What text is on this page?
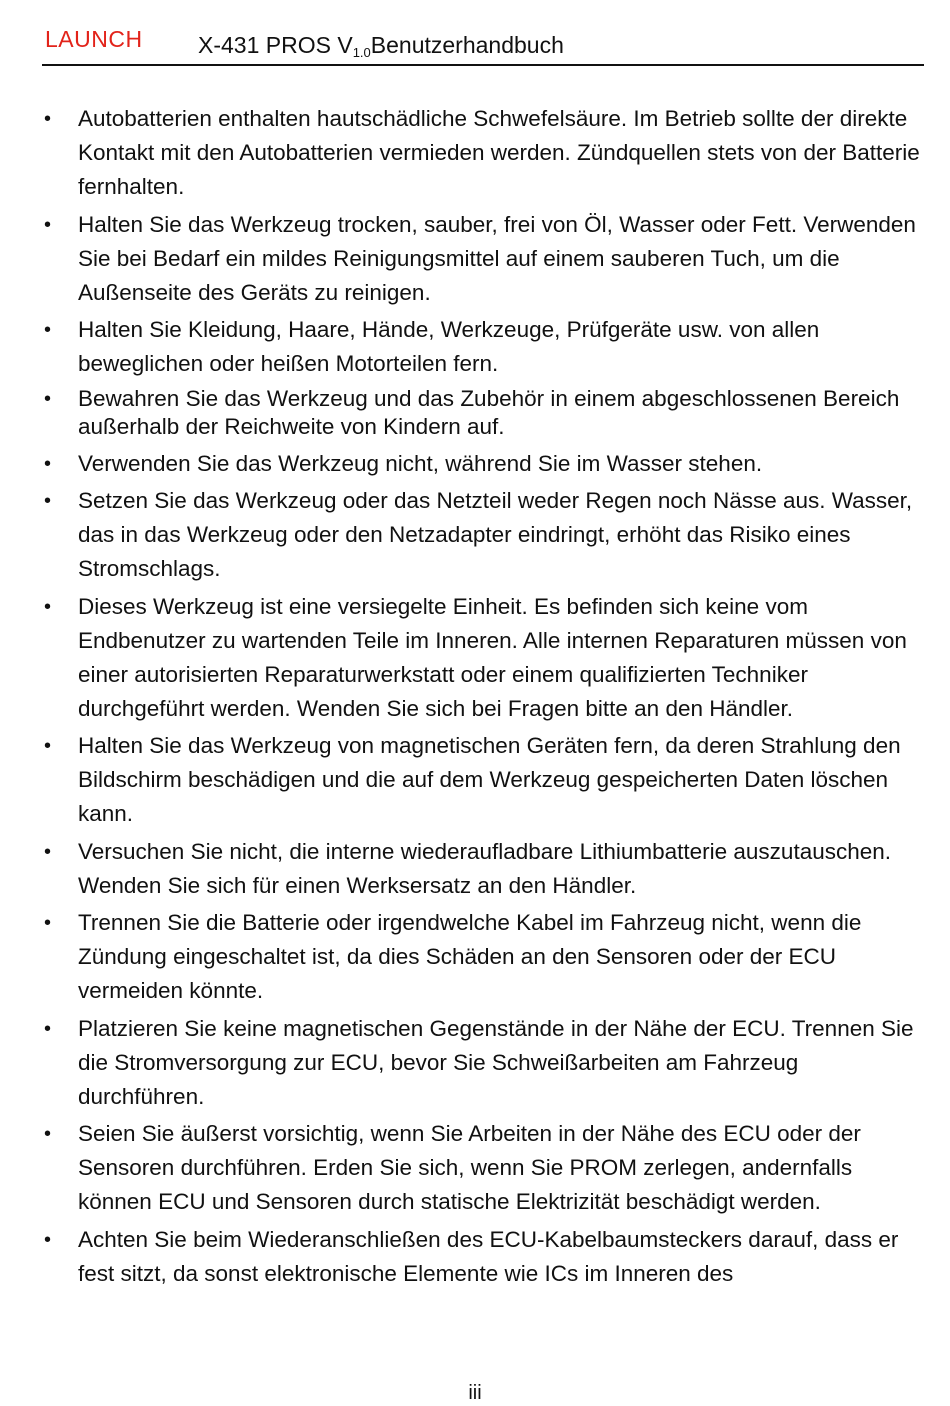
LAUNCH X-431 PROS $V_{1.0}Benutzerhandbuch$
• Autobatterien enthalten hautschädliche Schwefelsäure. Im Betrieb sollte der direkte Kontakt mit den Autobatterien vermieden werden. Zündquellen stets von der Batterie fernhalten.
• Halten Sie das Werkzeug trocken, sauber, frei von Öl, Wasser oder Fett. Verwenden Sie bei Bedarf ein mildes Reinigungsmittel auf einem sauberen Tuch, um die Außenseite des Geräts zu reinigen.
• Halten Sie Kleidung, Haare, Hände, Werkzeuge, Prüfgeräte usw. von allen beweglichen oder heißen Motorteilen fern.
• Bewahren Sie das Werkzeug und das Zubehör in einem abgeschlossenen Bereich außerhalb der Reichweite von Kindern auf.
• Verwenden Sie das Werkzeug nicht, während Sie im Wasser stehen.
• Setzen Sie das Werkzeug oder das Netzteil weder Regen noch Nässe aus. Wasser, das in das Werkzeug oder den Netzadapter eindringt, erhöht das Risiko eines Stromschlags.
• Dieses Werkzeug ist eine versiegelte Einheit. Es befinden sich keine vom Endbenutzer zu wartenden Teile im Inneren. Alle internen Reparaturen müssen von einer autorisierten Reparaturwerkstatt oder einem qualifizierten Techniker durchgeführt werden. Wenden Sie sich bei Fragen bitte an den Händler.
• Halten Sie das Werkzeug von magnetischen Geräten fern, da deren Strahlung den Bildschirm beschädigen und die auf dem Werkzeug gespeicherten Daten löschen kann.
• Versuchen Sie nicht, die interne wiederaufladbare Lithiumbatterie auszutauschen. Wenden Sie sich für einen Werksersatz an den Händler.
• Trennen Sie die Batterie oder irgendwelche Kabel im Fahrzeug nicht, wenn die Zündung eingeschaltet ist, da dies Schäden an den Sensoren oder der ECU vermeiden könnte.
• Platzieren Sie keine magnetischen Gegenstände in der Nähe der ECU. Trennen Sie die Stromversorgung zur ECU, bevor Sie Schweißarbeiten am Fahrzeug durchführen.
• Seien Sie äußerst vorsichtig, wenn Sie Arbeiten in der Nähe des ECU oder der Sensoren durchführen. Erden Sie sich, wenn Sie PROM zerlegen, andernfalls können ECU und Sensoren durch statische Elektrizität beschädigt werden.
• Achten Sie beim Wiederanschließen des ECU-Kabelbaumsteckers darauf, dass er fest sitzt, da sonst elektronische Elemente wie ICs im Inneren des
iii
